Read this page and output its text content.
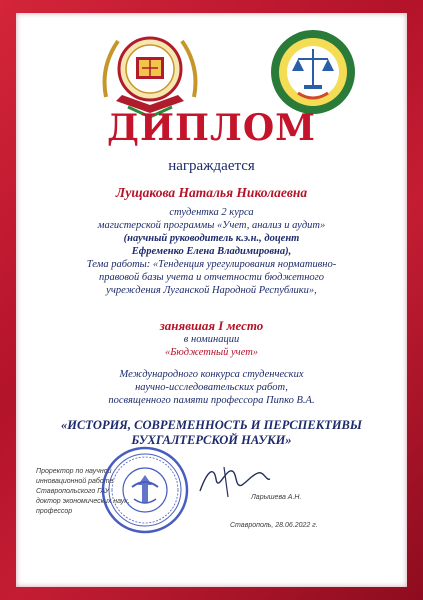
ДИПЛОМ
награждается
Лущакова Наталья Николаевна
студентка 2 курса
магистерской программы «Учет, анализ и аудит»
(научный руководитель к.э.н., доцент
Ефременко Елена Владимировна),
Тема работы: «Тенденция урегулирования нормативно-
правовой базы учета и отчетности бюджетного
учреждения Луганской Народной Республики»,
занявшая I место
в номинации
«Бюджетный учет»
Международного конкурса студенческих
научно-исследовательских работ,
посвященного памяти профессора Пипко В.А.
«ИСТОРИЯ, СОВРЕМЕННОСТЬ И ПЕРСПЕКТИВЫ
БУХГАЛТЕРСКОЙ НАУКИ»
Проректор по научной
инновационной работе
Ставропольского ГАУ
доктор экономических наук,
профессор
Ларышева А.Н.
Ставрополь, 28.06.2022 г.
